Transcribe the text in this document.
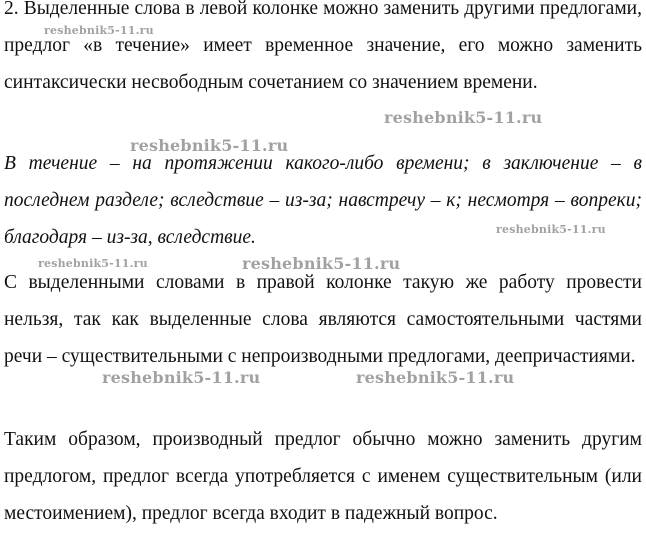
2. Выделенные слова в левой колонке можно заменить другими предлогами, предлог «в течение» имеет временное значение, его можно заменить синтаксически несвободным сочетанием со значением времени.

В течение – на протяжении какого-либо времени; в заключение – в последнем разделе; вследствие – из-за; навстречу – к; несмотря – вопреки; благодаря – из-за, вследствие.

С выделенными словами в правой колонке такую же работу провести нельзя, так как выделенные слова являются самостоятельными частями речи – существительными с непроизводными предлогами, деепричастиями.

Таким образом, производный предлог обычно можно заменить другим предлогом, предлог всегда употребляется с именем существительным (или местоимением), предлог всегда входит в падежный вопрос.

reshebnik5-11.ru
reshebnik5-11.ru
reshebnik5-11.ru
reshebnik5-11.ru
reshebnik5-11.ru	reshebnik5-11.ru
reshebnik5-11.ru	reshebnik5-11.ru
